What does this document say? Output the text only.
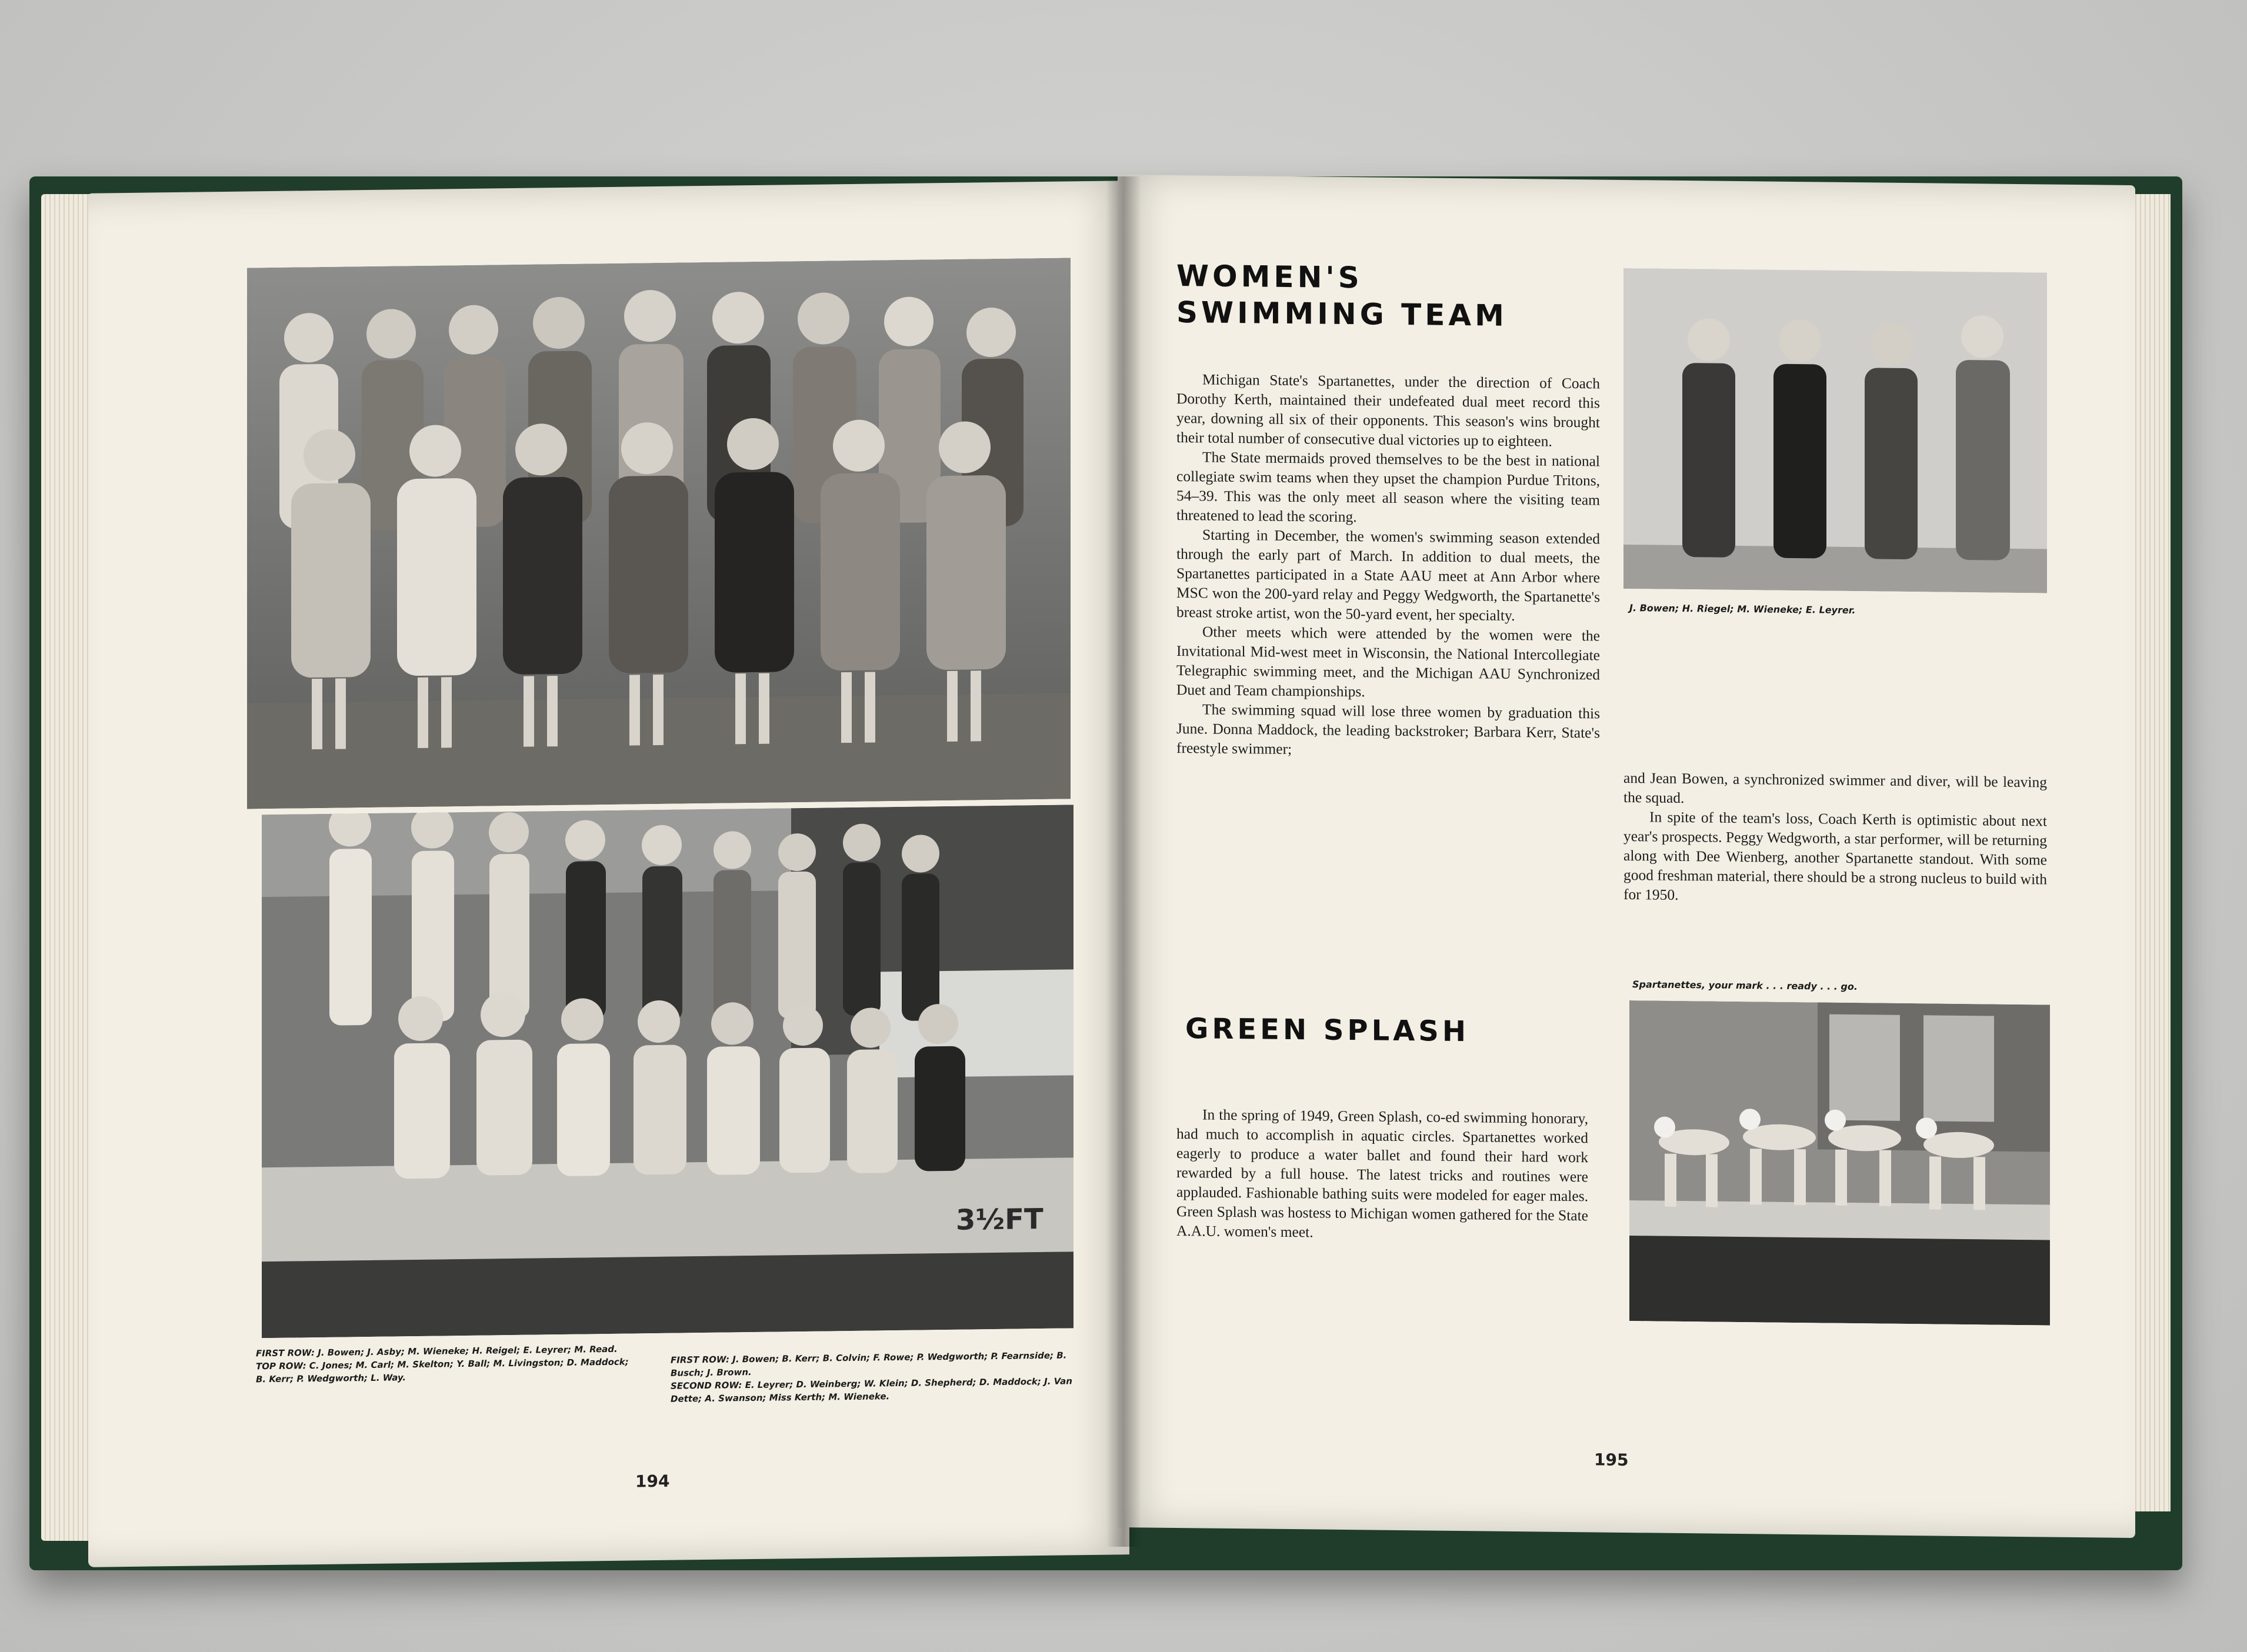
3½FT
FIRST ROW: J. Bowen; J. Asby; M. Wieneke; H. Reigel; E. Leyrer; M. Read.
TOP ROW: C. Jones; M. Carl; M. Skelton; Y. Ball; M. Livingston; D. Maddock; B. Kerr; P. Wedgworth; L. Way.
FIRST ROW: J. Bowen; B. Kerr; B. Colvin; F. Rowe; P. Wedgworth; P. Fearnside; B. Busch; J. Brown.
SECOND ROW: E. Leyrer; D. Weinberg; W. Klein; D. Shepherd; D. Maddock; J. Van Dette; A. Swanson; Miss Kerth; M. Wieneke.
194
WOMEN'S
SWIMMING TEAM

Michigan State's Spartanettes, under the direction of Coach Dorothy Kerth, maintained their undefeated dual meet record this year, downing all six of their opponents. This season's wins brought their total number of consecutive dual victories up to eighteen.

The State mermaids proved themselves to be the best in national collegiate swim teams when they upset the champion Purdue Tritons, 54–39. This was the only meet all season where the visiting team threatened to lead the scoring.

Starting in December, the women's swimming season extended through the early part of March. In addition to dual meets, the Spartanettes participated in a State AAU meet at Ann Arbor where MSC won the 200-yard relay and Peggy Wedgworth, the Spartanette's breast stroke artist, won the 50-yard event, her specialty.

Other meets which were attended by the women were the Invitational Mid-west meet in Wisconsin, the National Intercollegiate Telegraphic swimming meet, and the Michigan AAU Synchronized Duet and Team championships.

The swimming squad will lose three women by graduation this June. Donna Maddock, the leading backstroker; Barbara Kerr, State's freestyle swimmer;

and Jean Bowen, a synchronized swimmer and diver, will be leaving the squad.

In spite of the team's loss, Coach Kerth is optimistic about next year's prospects. Peggy Wedgworth, a star performer, will be returning along with Dee Wienberg, another Spartanette standout. With some good freshman material, there should be a strong nucleus to build with for 1950.

J. Bowen; H. Riegel; M. Wieneke; E. Leyrer.
GREEN SPLASH
Spartanettes, your mark . . . ready . . . go.

In the spring of 1949, Green Splash, co-ed swimming honorary, had much to accomplish in aquatic circles. Spartanettes worked eagerly to produce a water ballet and found their hard work rewarded by a full house. The latest tricks and routines were applauded. Fashionable bathing suits were modeled for eager males. Green Splash was hostess to Michigan women gathered for the State A.A.U. women's meet.

195
